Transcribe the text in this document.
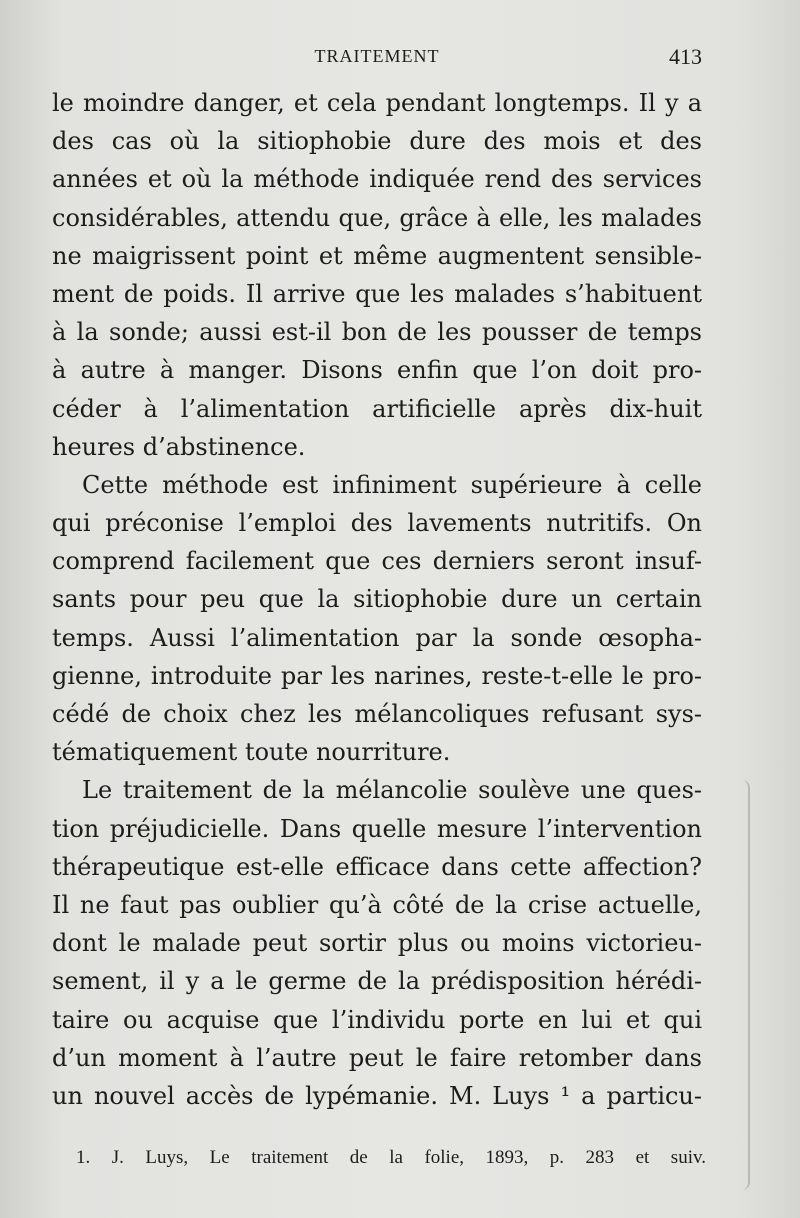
TRAITEMENT	413
le moindre danger, et cela pendant longtemps. Il y a
des cas où la sitiophobie dure des mois et des
années et où la méthode indiquée rend des services
considérables, attendu que, grâce à elle, les malades
ne maigrissent point et même augmentent sensible-
ment de poids. Il arrive que les malades s’habituent
à la sonde; aussi est-il bon de les pousser de temps
à autre à manger. Disons enfin que l’on doit pro-
céder à l’alimentation artificielle après dix-huit
heures d’abstinence.
Cette méthode est infiniment supérieure à celle
qui préconise l’emploi des lavements nutritifs. On
comprend facilement que ces derniers seront insuf-
sants pour peu que la sitiophobie dure un certain
temps. Aussi l’alimentation par la sonde œsopha-
gienne, introduite par les narines, reste-t-elle le pro-
cédé de choix chez les mélancoliques refusant sys-
tématiquement toute nourriture.
Le traitement de la mélancolie soulève une ques-
tion préjudicielle. Dans quelle mesure l’intervention
thérapeutique est-elle efficace dans cette affection?
Il ne faut pas oublier qu’à côté de la crise actuelle,
dont le malade peut sortir plus ou moins victorieu-
sement, il y a le germe de la prédisposition hérédi-
taire ou acquise que l’individu porte en lui et qui
d’un moment à l’autre peut le faire retomber dans
un nouvel accès de lypémanie. M. Luys ¹ a particu-
1. J. Luys, Le traitement de la folie, 1893, p. 283 et suiv.
